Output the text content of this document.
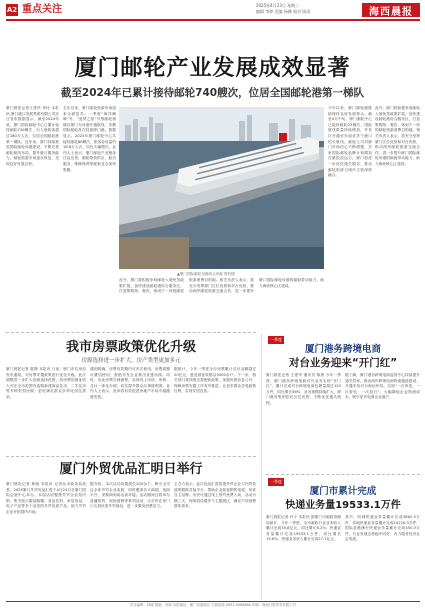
A2 重点关注	2025年4月23日 星期三
编辑 李婷 美编 杨柳 校对 陈雨	海西晨报
厦门邮轮产业发展成效显著
截至2024年已累计接待邮轮740艘次，位居全国邮轮港第一梯队
厦门晨报记者王建华 李佳 本报讯 厦门港口发展集团有限公司近日发布数据显示，截至2024年底，厦门国际邮轮中心已累计接待邮轮740艘次、出入境旅客超过180万人次，位居全国邮轮港第一梯队。近年来，厦门持续推进国际邮轮母港建设，不断完善邮轮航线布局，提升港口服务能力，邮轮旅游市场逐步恢复，呈现良好发展态势。
去年以来，厦门邮轮旅游市场迎来全面复苏。一季度“海洋嘀嘀”号、“蓝梦之星”号等邮轮相继以厦门为母港开通航线，多艘国际邮轮首次挂靠厦门港。数据显示，2024年厦门邮轮中心共接待邮轮88艘次，旅客吞吐量约16.8万人次，同比大幅增长。业内人士表示，厦门邮轮产业链条日趋完善，邮轮物资供应、船员服务、维修保养等配套业态加快集聚。
▲厦门国际邮轮母港码头风貌 资料图
今年以来，厦门邮轮港继续保持良好发展势头。截至4月中旬，厦门邮轮中心已接待邮轮23艘次，国际航线数量持续增加，并首次开通至东南亚多个港口的长航线。邮轮公司对厦门市场信心不断增强，多家国际邮轮品牌计划增加在厦投放运力。厦门将进一步优化通关服务，推动邮轮旅游与城市文旅深度融合。
此外，厦门将积极争取邮轮入境免签政策扩展，加快建设邮轮港综合服务区，打造集购物、餐饮、休闲于一体的邮轮旅游消费目的地。相关负责人表示，将充分发挥厦门区位优势和对台优势，推动两岸邮轮旅游交流合作，进一步提升厦门国际邮轮母港的辐射带动能力，助力海丝核心区建设。
此外，厦门将积极争取邮轮入境免签政策扩展，加快建设邮轮港综合服务区，打造集购物、餐饮、休闲于一体的邮轮旅游消费目的地。相关负责人表示，将充分发挥厦门区位优势和对台优势，推动两岸邮轮旅游交流合作，进一步提升厦门国际邮轮母港的辐射带动能力，助力海丝核心区建设。
我市房票政策优化升级
房源选择进一步扩大，房产类型更加多元
厦门晨报记者 陈静 本报讯 日前，厦门市住房局发布通知，对房票安置政策进行优化升级。此次调整进一步扩大房源选择范围，持房票的被征收人可在全市范围内选购新建商品住房、二手住房等多种类型房源，更好满足群众多样化居住需求。
通知明确，房票有效期内可多次使用，房票面额可叠加使用，鼓励开发企业推出优惠房源。同时，优化房票办理流程，实现线上申请、审核、兑付一体化办理，切实提升群众办事便利度。业内人士表示，此举将有效促进房地产市场平稳健康发展。
据统计，今年一季度全市房票累计兑付金额超过20亿元，惠及被征收群众3000余户。下一步，相关部门将持续完善配套政策，加强房源信息公开，保障房票安置工作有序推进，让更多群众享受政策红利，实现安居宜居。
厦门外贸优品汇明日举行
厦门晨报记者 林晓 本报讯 记者从市商务局获悉，2025厦门外贸优品汇将于4月24日在厦门国际会展中心举办。本届活动聚焦外贸企业拓内销，集中展示服装鞋帽、食品饮料、家居用品、电子产品等多个品类的外贸优质产品，助力外贸企业开拓国内市场。
据介绍，本次活动设置展位200余个，吸引全市百余家外贸企业参展，同时邀请各大商超、电商平台、采购商到场洽谈对接。活动期间还将举办直播带货、现场促销等系列活动，让市民在家门口买到优质外贸商品，进一步激发消费活力。
主办方表示，此次优品汇将搭建外贸企业与内贸渠道的精准对接平台，帮助企业拓宽销售渠道、培育自主品牌。市民可通过线上预约免费入场，活动为期三天，现场将设置多个主题展区，满足不同消费群体需求。
一季度
厦门港务跨境电商
对台业务迎来“开门红”
厦门晨报记者 王建华 通讯员 陈晨 今年一季度，厦门港务跨境电商对台业务实现“开门红”，累计完成对台跨境电商包裹量超过120万件，同比增长56%，业务规模持续扩大。厦门港务集团依托区位优势，不断优化通关流程。
据了解，厦门港务跨境电商监管中心持续提升通关效率，推动两岸跨境电商物流通道建设，开通多条对台海运快线，实现“一次申报、一次查验、一次放行”，大幅降低企业物流成本，吸引更多电商企业落户。
一季度
厦门市累计完成
快递业务量19533.1万件
厦门晨报记者 叶子 本报讯 据厦门市邮政管理局统计，今年一季度，全市邮政行业业务收入累计完成35.8亿元，同比增长8.2%；快递业务量累计完成19533.1万件，同比增长15.6%，快递业务收入累计完成27.1亿元。
其中，同城快递业务量累计完成3862.5万件，异地快递业务量累计完成15220.3万件，国际及港澳台快递业务量累计完成450.3万件，行业发展态势稳中向好，有力服务经济社会发展。
责任编辑：林晓 排版：李婷 本报地址：厦门市湖里区 订阅热线 0592-5588888 印刷：海西日报印务有限公司
